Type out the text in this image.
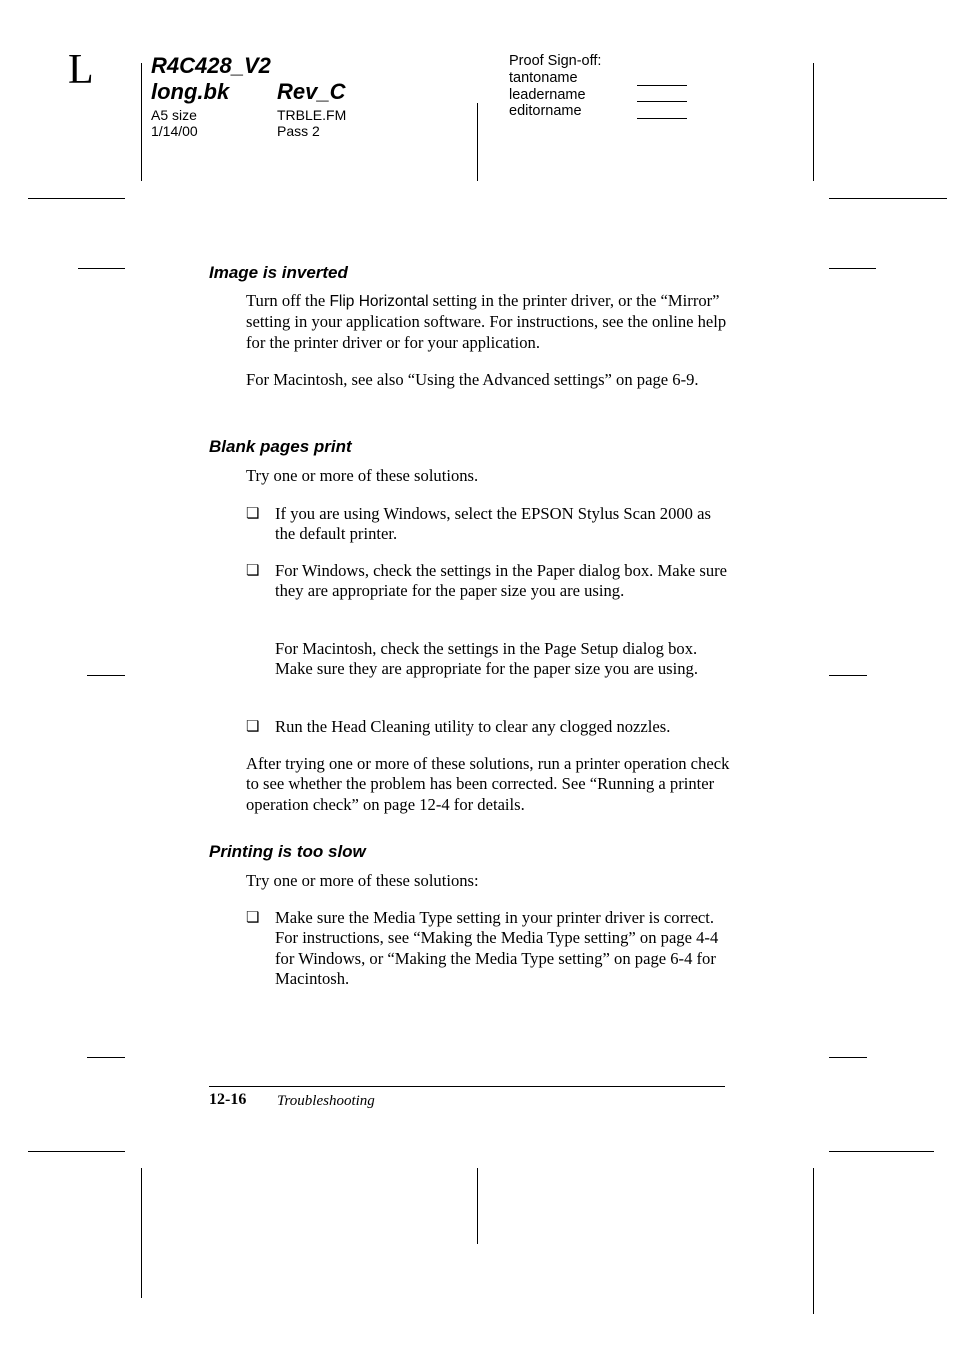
L	R4C428_V2
long.bk Rev_C
A5 size
1/14/00
TRBLE.FM
Pass 2
Proof Sign-off:
tantoname
leadername
editorname
Image is inverted
Turn off the Flip Horizontal setting in the printer driver, or the “Mirror” setting in your application software. For instructions, see the online help for the printer driver or for your application.
For Macintosh, see also “Using the Advanced settings” on page 6-9.
Blank pages print
Try one or more of these solutions.
❏ If you are using Windows, select the EPSON Stylus Scan 2000 as the default printer.
❏ For Windows, check the settings in the Paper dialog box. Make sure they are appropriate for the paper size you are using.
For Macintosh, check the settings in the Page Setup dialog box. Make sure they are appropriate for the paper size you are using.
❏ Run the Head Cleaning utility to clear any clogged nozzles.
After trying one or more of these solutions, run a printer operation check to see whether the problem has been corrected. See “Running a printer operation check” on page 12-4 for details.
Printing is too slow
Try one or more of these solutions:
❏ Make sure the Media Type setting in your printer driver is correct. For instructions, see “Making the Media Type setting” on page 4-4 for Windows, or “Making the Media Type setting” on page 6-4 for Macintosh.
12-16 Troubleshooting
